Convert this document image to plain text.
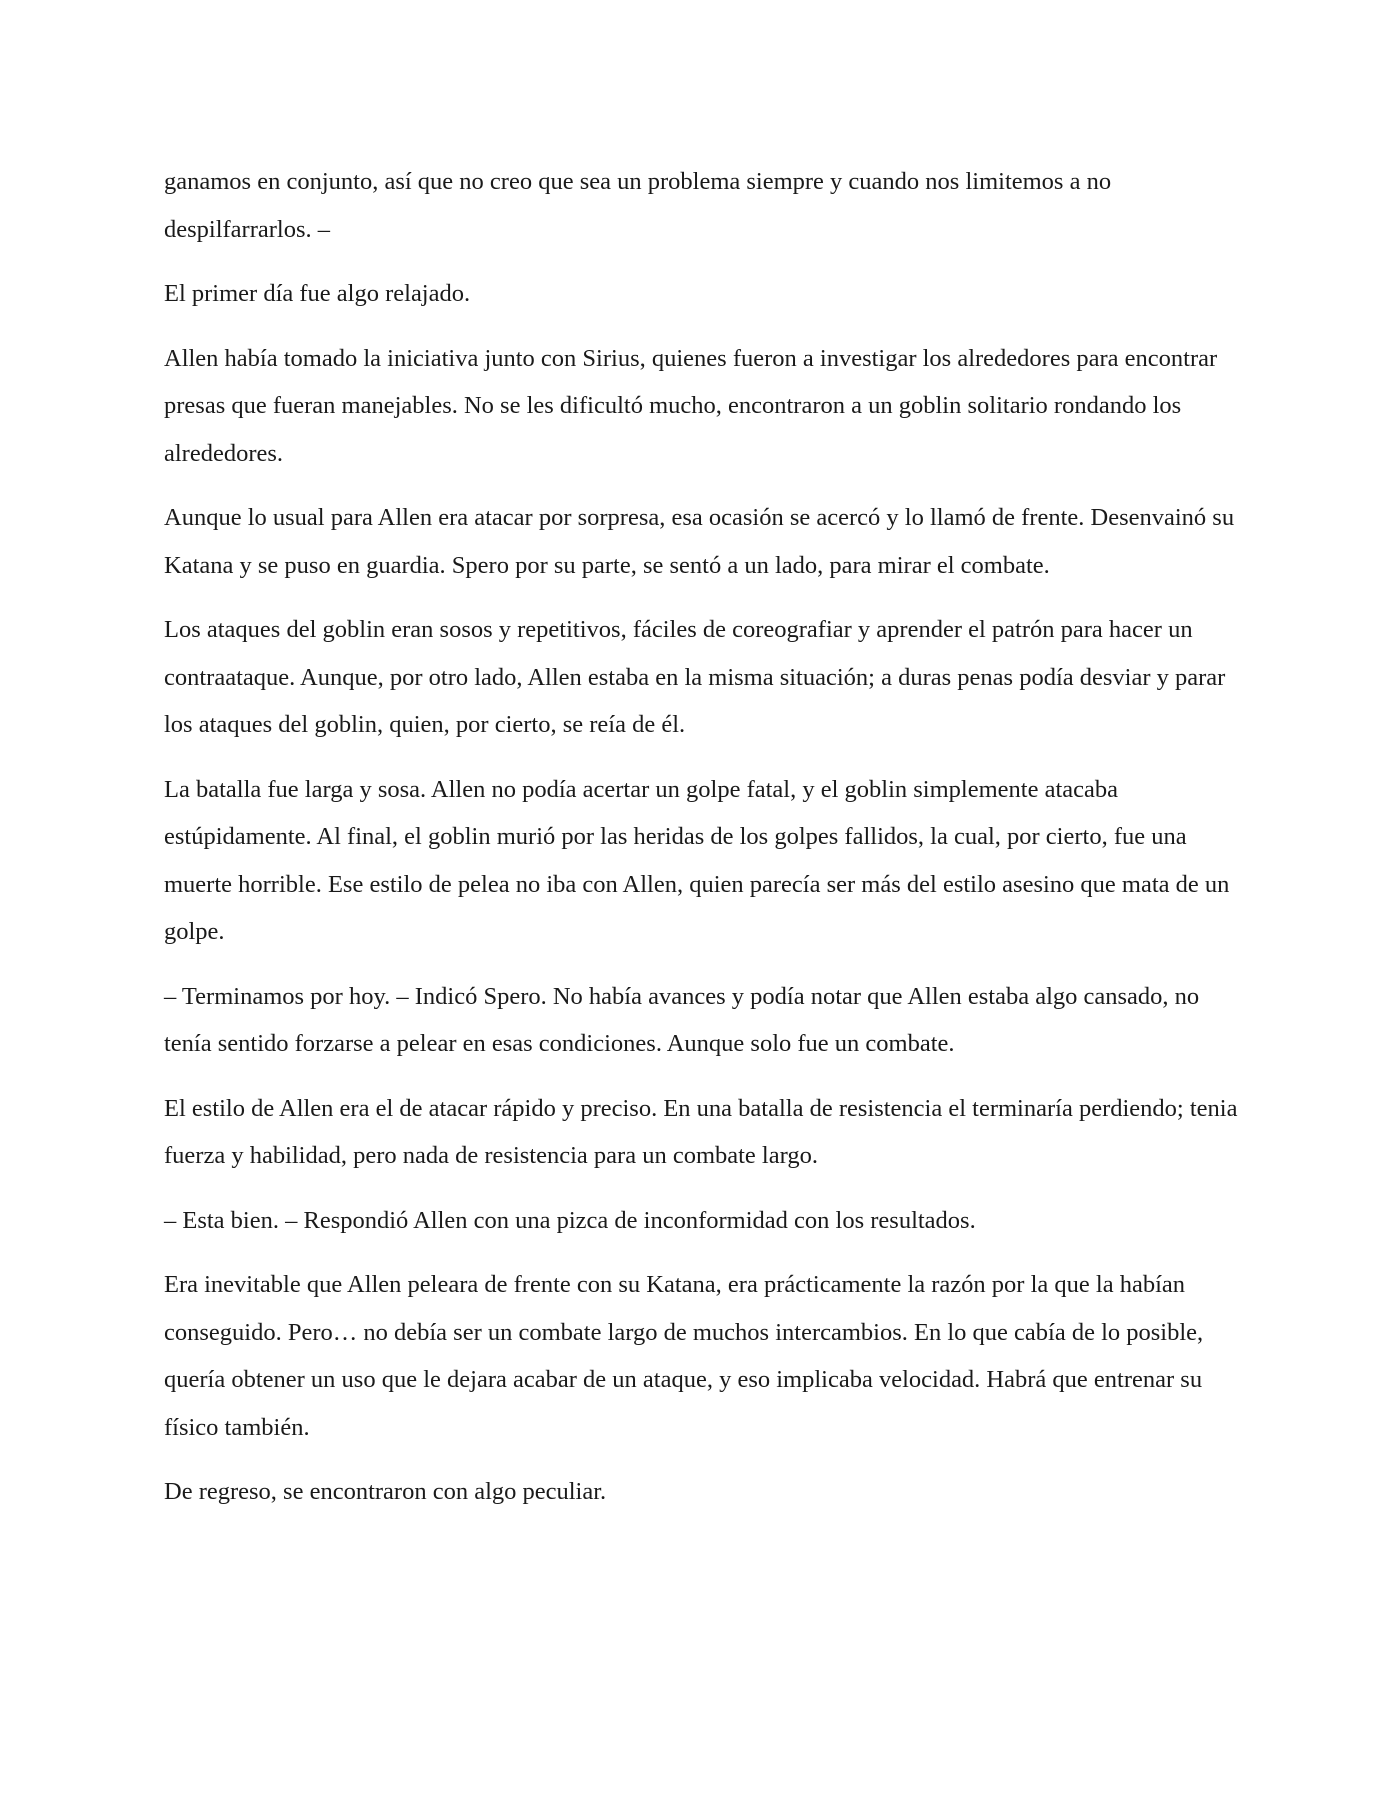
ganamos en conjunto, así que no creo que sea un problema siempre y cuando nos limitemos a no despilfarrarlos. –

El primer día fue algo relajado.

Allen había tomado la iniciativa junto con Sirius, quienes fueron a investigar los alrededores para encontrar presas que fueran manejables. No se les dificultó mucho, encontraron a un goblin solitario rondando los alrededores.

Aunque lo usual para Allen era atacar por sorpresa, esa ocasión se acercó y lo llamó de frente. Desenvainó su Katana y se puso en guardia. Spero por su parte, se sentó a un lado, para mirar el combate.

Los ataques del goblin eran sosos y repetitivos, fáciles de coreografiar y aprender el patrón para hacer un contraataque. Aunque, por otro lado, Allen estaba en la misma situación; a duras penas podía desviar y parar los ataques del goblin, quien, por cierto, se reía de él.

La batalla fue larga y sosa. Allen no podía acertar un golpe fatal, y el goblin simplemente atacaba estúpidamente. Al final, el goblin murió por las heridas de los golpes fallidos, la cual, por cierto, fue una muerte horrible. Ese estilo de pelea no iba con Allen, quien parecía ser más del estilo asesino que mata de un golpe.

– Terminamos por hoy. – Indicó Spero. No había avances y podía notar que Allen estaba algo cansado, no tenía sentido forzarse a pelear en esas condiciones. Aunque solo fue un combate.

El estilo de Allen era el de atacar rápido y preciso. En una batalla de resistencia el terminaría perdiendo; tenia fuerza y habilidad, pero nada de resistencia para un combate largo.

– Esta bien. – Respondió Allen con una pizca de inconformidad con los resultados.

Era inevitable que Allen peleara de frente con su Katana, era prácticamente la razón por la que la habían conseguido. Pero… no debía ser un combate largo de muchos intercambios. En lo que cabía de lo posible, quería obtener un uso que le dejara acabar de un ataque, y eso implicaba velocidad. Habrá que entrenar su físico también.

De regreso, se encontraron con algo peculiar.
